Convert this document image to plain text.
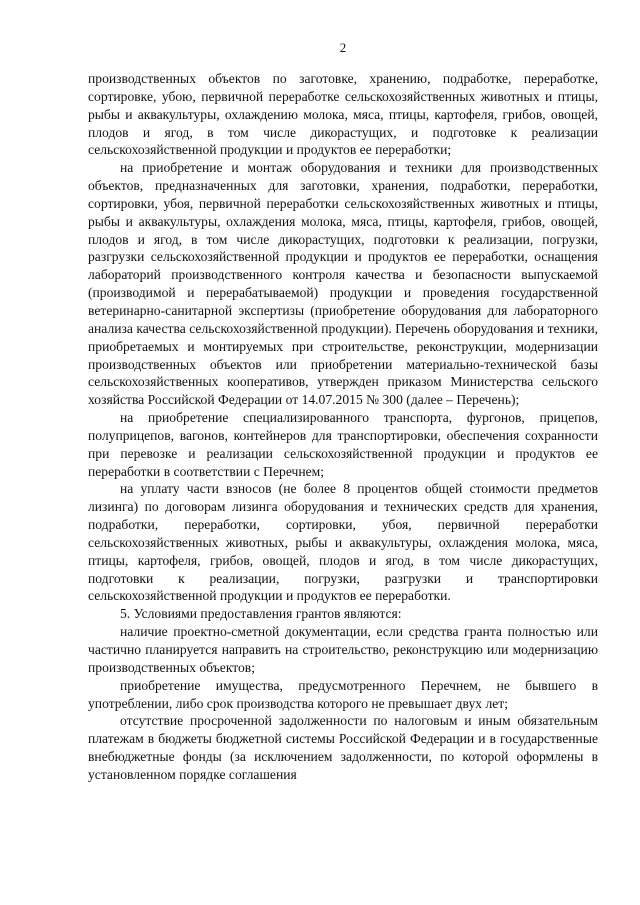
2

производственных объектов по заготовке, хранению, подработке, переработке, сортировке, убою, первичной переработке сельскохозяйственных животных и птицы, рыбы и аквакультуры, охлаждению молока, мяса, птицы, картофеля, грибов, овощей, плодов и ягод, в том числе дикорастущих, и подготовке к реализации сельскохозяйственной продукции и продуктов ее переработки;

на приобретение и монтаж оборудования и техники для производственных объектов, предназначенных для заготовки, хранения, подработки, переработки, сортировки, убоя, первичной переработки сельскохозяйственных животных и птицы, рыбы и аквакультуры, охлаждения молока, мяса, птицы, картофеля, грибов, овощей, плодов и ягод, в том числе дикорастущих, подготовки к реализации, погрузки, разгрузки сельскохозяйственной продукции и продуктов ее переработки, оснащения лабораторий производственного контроля качества и безопасности выпускаемой (производимой и перерабатываемой) продукции и проведения государственной ветеринарно-санитарной экспертизы (приобретение оборудования для лабораторного анализа качества сельскохозяйственной продукции). Перечень оборудования и техники, приобретаемых и монтируемых при строительстве, реконструкции, модернизации производственных объектов или приобретении материально-технической базы сельскохозяйственных кооперативов, утвержден приказом Министерства сельского хозяйства Российской Федерации от 14.07.2015 № 300 (далее – Перечень);

на приобретение специализированного транспорта, фургонов, прицепов, полуприцепов, вагонов, контейнеров для транспортировки, обеспечения сохранности при перевозке и реализации сельскохозяйственной продукции и продуктов ее переработки в соответствии с Перечнем;

на уплату части взносов (не более 8 процентов общей стоимости предметов лизинга) по договорам лизинга оборудования и технических средств для хранения, подработки, переработки, сортировки, убоя, первичной переработки сельскохозяйственных животных, рыбы и аквакультуры, охлаждения молока, мяса, птицы, картофеля, грибов, овощей, плодов и ягод, в том числе дикорастущих, подготовки к реализации, погрузки, разгрузки и транспортировки сельскохозяйственной продукции и продуктов ее переработки.

5. Условиями предоставления грантов являются:

наличие проектно-сметной документации, если средства гранта полностью или частично планируется направить на строительство, реконструкцию или модернизацию производственных объектов;

приобретение имущества, предусмотренного Перечнем, не бывшего в употреблении, либо срок производства которого не превышает двух лет;

отсутствие просроченной задолженности по налоговым и иным обязательным платежам в бюджеты бюджетной системы Российской Федерации и в государственные внебюджетные фонды (за исключением задолженности, по которой оформлены в установленном порядке соглашения
